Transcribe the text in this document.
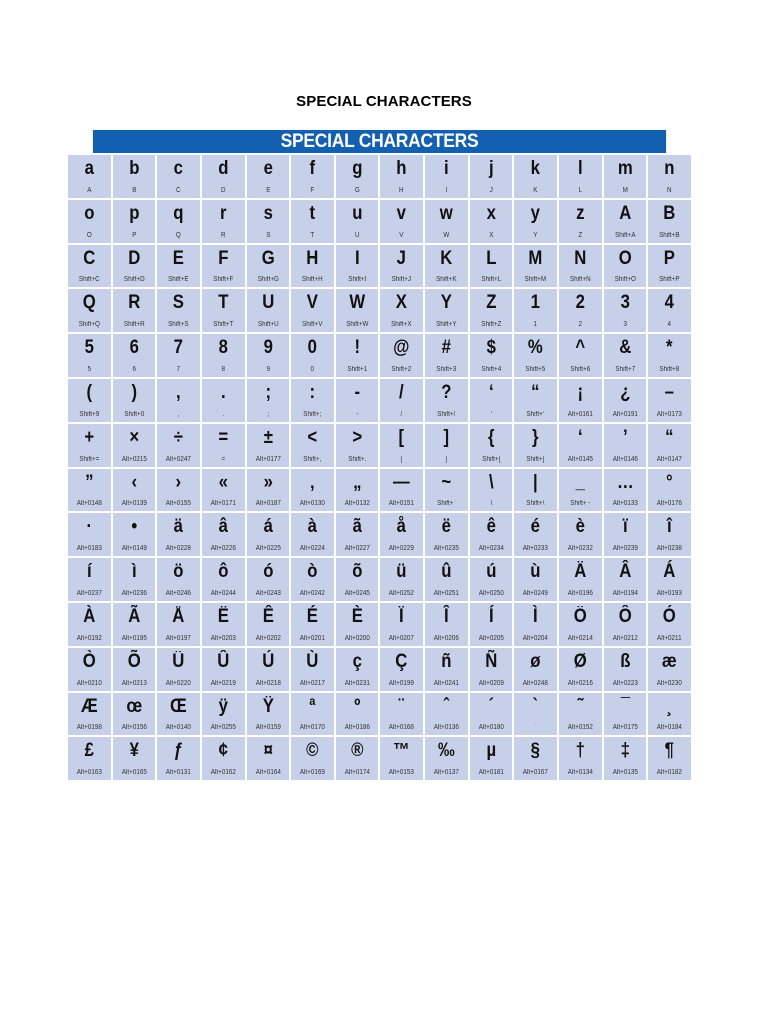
SPECIAL CHARACTERS
SPECIAL CHARACTERS
a
A
b
B
c
C
d
D
e
E
f
F
g
G
h
H
i
I
j
J
k
K
l
L
m
M
n
N
o
O
p
P
q
Q
r
R
s
S
t
T
u
U
v
V
w
W
x
X
y
Y
z
Z
A
Shift+A
B
Shift+B
C
Shift+C
D
Shift+D
E
Shift+E
F
Shift+F
G
Shift+G
H
Shift+H
I
Shift+I
J
Shift+J
K
Shift+K
L
Shift+L
M
Shift+M
N
Shift+N
O
Shift+O
P
Shift+P
Q
Shift+Q
R
Shift+R
S
Shift+S
T
Shift+T
U
Shift+U
V
Shift+V
W
Shift+W
X
Shift+X
Y
Shift+Y
Z
Shift+Z
1
1
2
2
3
3
4
4
5
5
6
6
7
7
8
8
9
9
0
0
!
Shift+1
@
Shift+2
#
Shift+3
$
Shift+4
%
Shift+5
^
Shift+6
&
Shift+7
*
Shift+8
(
Shift+9
)
Shift+0
,
,
.
.
;
;
:
Shift+;
-
-
/
/
?
Shift+/
‘
‘
“
Shift+‘
¡
Alt+0161
¿
Alt+0191
–
Alt+0173
+
Shift+=
×
Alt+0215
÷
Alt+0247
=
=
±
Alt+0177
<
Shift+,
>
Shift+.
[
[
]
]
{
Shift+[
}
Shift+]
‘
Alt+0145
’
Alt+0146
“
Alt+0147
”
Alt+0148
‹
Alt+0139
›
Alt+0155
«
Alt+0171
»
Alt+0187
‚
Alt+0130
„
Alt+0132
—
Alt+0151
~
Shift+`
\
\
|
Shift+\
_
Shift+ -
…
Alt+0133
°
Alt+0176
·
Alt+0183
•
Alt+0149
ä
Alt+0228
â
Alt+0226
á
Alt+0225
à
Alt+0224
ã
Alt+0227
å
Alt+0229
ë
Alt+0235
ê
Alt+0234
é
Alt+0233
è
Alt+0232
ï
Alt+0239
î
Alt+0238
í
Alt+0237
ì
Alt+0236
ö
Alt+0246
ô
Alt+0244
ó
Alt+0243
ò
Alt+0242
õ
Alt+0245
ü
Alt+0252
û
Alt+0251
ú
Alt+0250
ù
Alt+0249
Ä
Alt+0196
Â
Alt+0194
Á
Alt+0193
À
Alt+0192
Ã
Alt+0195
Å
Alt+0197
Ë
Alt+0203
Ê
Alt+0202
É
Alt+0201
È
Alt+0200
Ï
Alt+0207
Î
Alt+0206
Í
Alt+0205
Ì
Alt+0204
Ö
Alt+0214
Ô
Alt+0212
Ó
Alt+0211
Ò
Alt+0210
Õ
Alt+0213
Ü
Alt+0220
Û
Alt+0219
Ú
Alt+0218
Ù
Alt+0217
ç
Alt+0231
Ç
Alt+0199
ñ
Alt+0241
Ñ
Alt+0209
ø
Alt+0248
Ø
Alt+0216
ß
Alt+0223
æ
Alt+0230
Æ
Alt+0198
œ
Alt+0156
Œ
Alt+0140
ÿ
Alt+0255
Ÿ
Alt+0159
ª
Alt+0170
º
Alt+0186
¨
Alt+0168
ˆ
Alt+0136
´
Alt+0180
`
`
˜
Alt+0152
¯
Alt+0175
¸
Alt+0184
£
Alt+0163
¥
Alt+0165
ƒ
Alt+0131
¢
Alt+0162
¤
Alt+0164
©
Alt+0169
®
Alt+0174
™
Alt+0153
‰
Alt+0137
µ
Alt+0181
§
Alt+0167
†
Alt+0134
‡
Alt+0135
¶
Alt+0182
